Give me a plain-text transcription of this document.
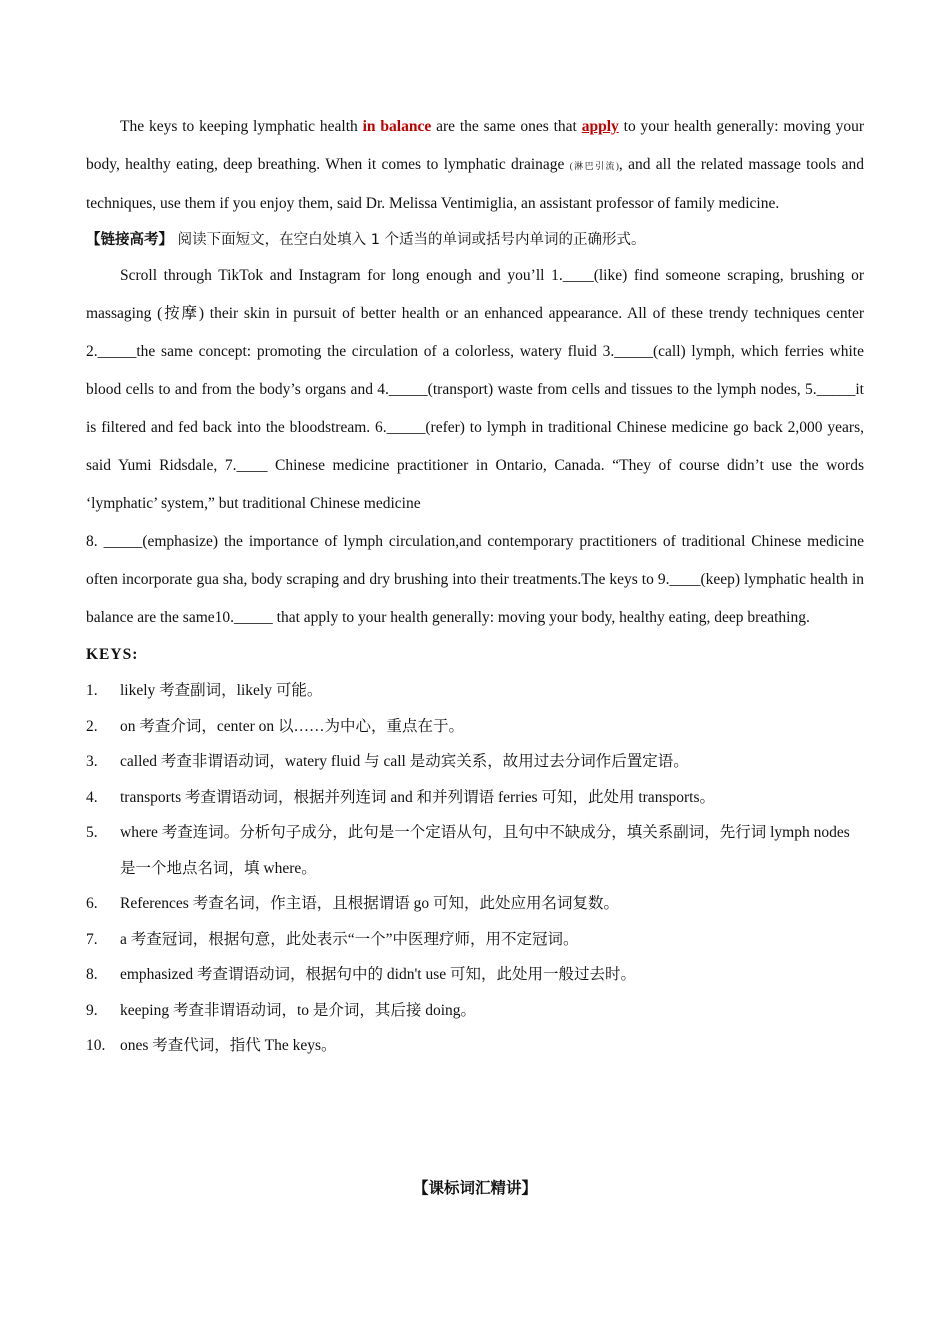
The keys to keeping lymphatic health in balance are the same ones that apply to your health generally: moving your body, healthy eating, deep breathing. When it comes to lymphatic drainage (淋巴引流), and all the related massage tools and techniques, use them if you enjoy them, said Dr. Melissa Ventimiglia, an assistant professor of family medicine.

【链接高考】 阅读下面短文，在空白处填入 1 个适当的单词或括号内单词的正确形式。

Scroll through TikTok and Instagram for long enough and you’ll 1.____(like) find someone scraping, brushing or massaging (按摩) their skin in pursuit of better health or an enhanced appearance. All of these trendy techniques center 2._____the same concept: promoting the circulation of a colorless, watery fluid 3._____(call) lymph, which ferries white blood cells to and from the body’s organs and 4._____(transport) waste from cells and tissues to the lymph nodes, 5._____it is filtered and fed back into the bloodstream. 6._____(refer) to lymph in traditional Chinese medicine go back 2,000 years, said Yumi Ridsdale, 7.____ Chinese medicine practitioner in Ontario, Canada. “They of course didn’t use the words ‘lymphatic’ system,” but traditional Chinese medicine

8. _____(emphasize) the importance of lymph circulation,and contemporary practitioners of traditional Chinese medicine often incorporate gua sha, body scraping and dry brushing into their treatments.The keys to 9.____(keep) lymphatic health in balance are the same10._____ that apply to your health generally: moving your body, healthy eating, deep breathing.

KEYS:
1. likely 考查副词，likely 可能。
2. on 考查介词，center on 以……为中心，重点在于。
3. called 考查非谓语动词，watery fluid 与 call 是动宾关系，故用过去分词作后置定语。
4. transports 考查谓语动词，根据并列连词 and 和并列谓语 ferries 可知，此处用 transports。
5. where 考查连词。分析句子成分，此句是一个定语从句，且句中不缺成分，填关系副词，先行词 lymph nodes 是一个地点名词，填 where。
6. References 考查名词，作主语，且根据谓语 go 可知，此处应用名词复数。
7. a 考查冠词，根据句意，此处表示“一个”中医理疗师，用不定冠词。
8. emphasized 考查谓语动词，根据句中的 didn't use 可知，此处用一般过去时。
9. keeping 考查非谓语动词，to 是介词，其后接 doing。
10. ones 考查代词，指代 The keys。
【课标词汇精讲】
